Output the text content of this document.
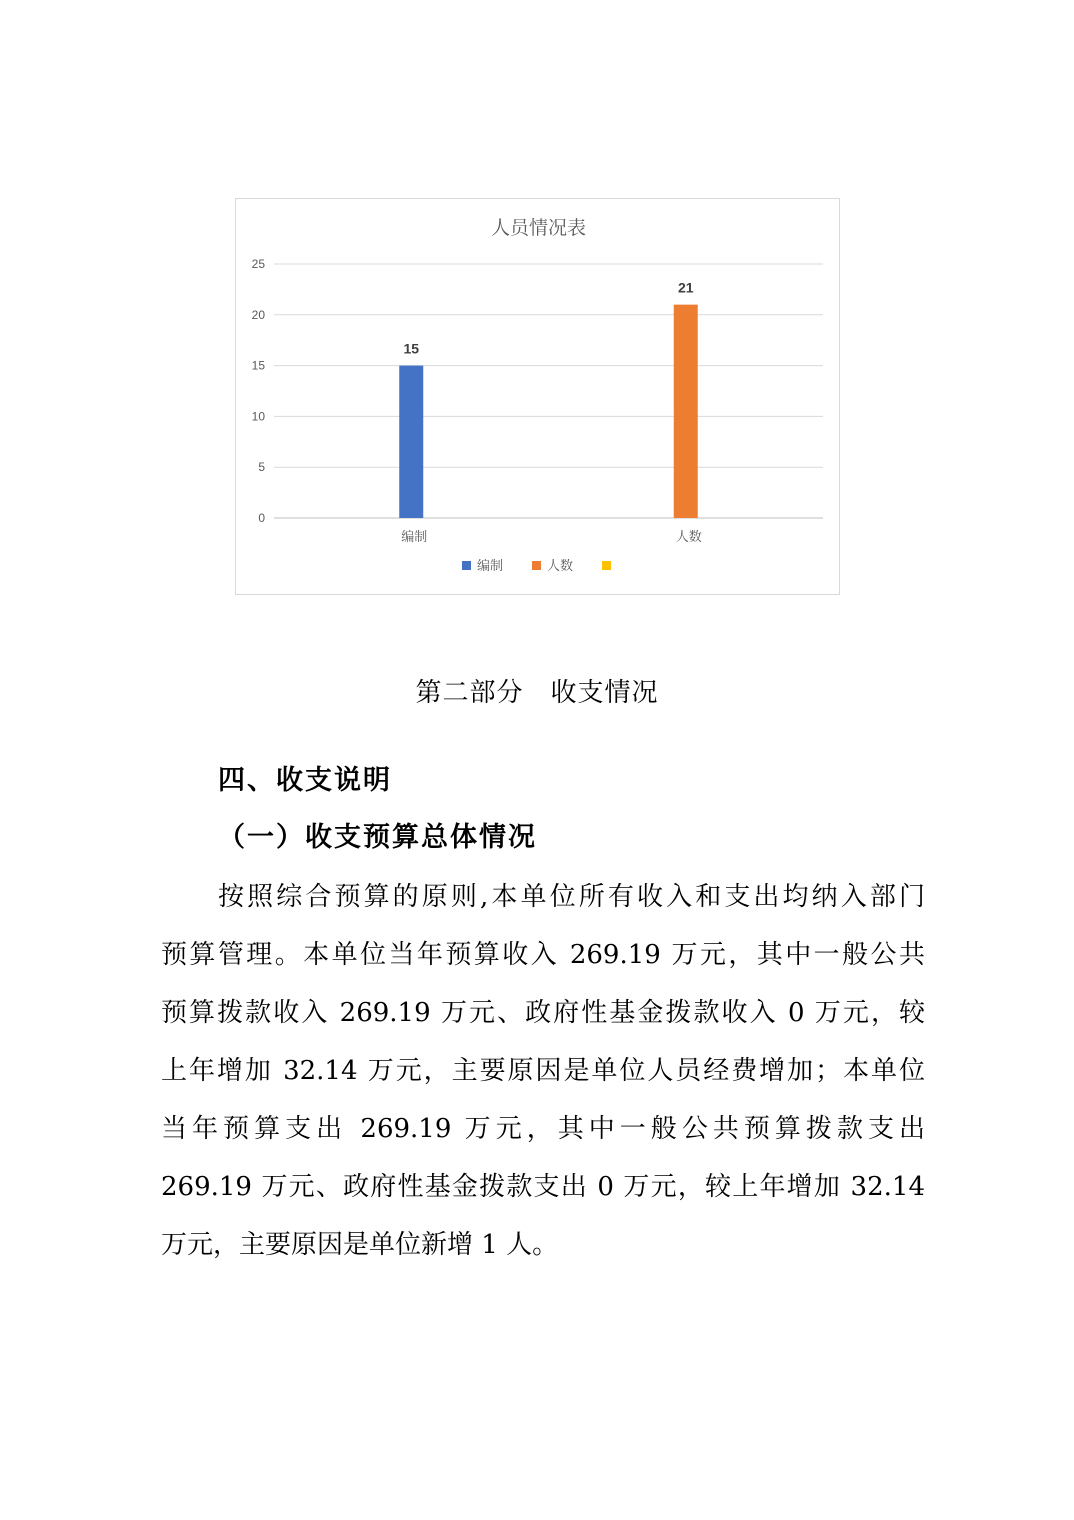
人员情况表
0
5
10
15
20
25
15
编制
21
人数
编制	人数
第二部分　收支情况
四、收支说明
（一）收支预算总体情况
按照综合预算的原则,本单位所有收入和支出均纳入部门
预算管理。本单位当年预算收入 269.19 万元，其中一般公共
预算拨款收入 269.19 万元、政府性基金拨款收入 0 万元，较
上年增加 32.14 万元，主要原因是单位人员经费增加；本单位
当年预算支出 269.19 万元，其中一般公共预算拨款支出
269.19 万元、政府性基金拨款支出 0 万元，较上年增加 32.14
万元，主要原因是单位新增 1 人。
